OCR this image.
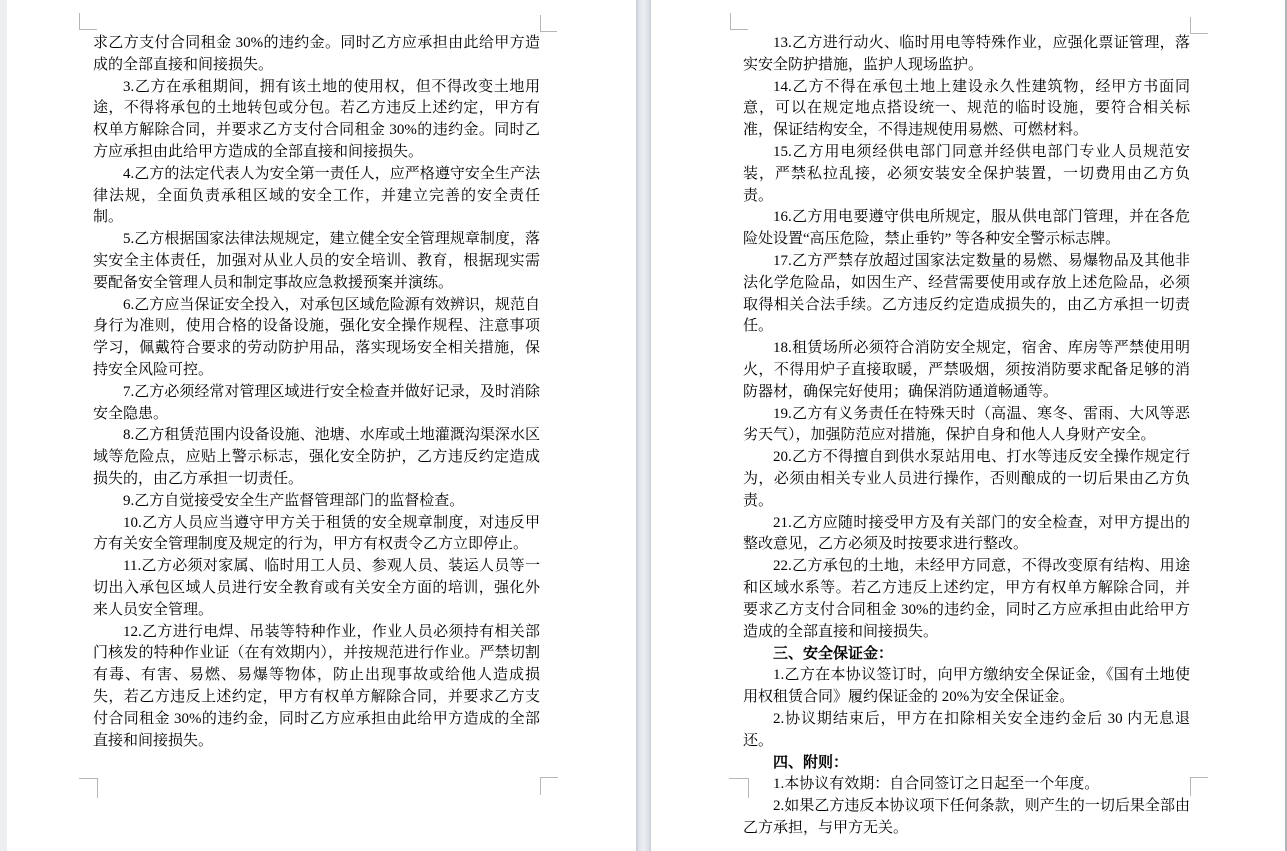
求乙方支付合同租金 30%的违约金。同时乙方应承担由此给甲方造成的全部直接和间接损失。

3.乙方在承租期间，拥有该土地的使用权，但不得改变土地用途，不得将承包的土地转包或分包。若乙方违反上述约定，甲方有权单方解除合同，并要求乙方支付合同租金 30%的违约金。同时乙方应承担由此给甲方造成的全部直接和间接损失。

4.乙方的法定代表人为安全第一责任人，应严格遵守安全生产法律法规，全面负责承租区域的安全工作，并建立完善的安全责任制。

5.乙方根据国家法律法规规定，建立健全安全管理规章制度，落实安全主体责任，加强对从业人员的安全培训、教育，根据现实需要配备安全管理人员和制定事故应急救援预案并演练。

6.乙方应当保证安全投入，对承包区域危险源有效辨识，规范自身行为准则，使用合格的设备设施，强化安全操作规程、注意事项学习，佩戴符合要求的劳动防护用品，落实现场安全相关措施，保持安全风险可控。

7.乙方必须经常对管理区域进行安全检查并做好记录，及时消除安全隐患。

8.乙方租赁范围内设备设施、池塘、水库或土地灌溉沟渠深水区域等危险点，应贴上警示标志，强化安全防护，乙方违反约定造成损失的，由乙方承担一切责任。

9.乙方自觉接受安全生产监督管理部门的监督检查。

10.乙方人员应当遵守甲方关于租赁的安全规章制度，对违反甲方有关安全管理制度及规定的行为，甲方有权责令乙方立即停止。

11.乙方必须对家属、临时用工人员、参观人员、装运人员等一切出入承包区域人员进行安全教育或有关安全方面的培训，强化外来人员安全管理。

12.乙方进行电焊、吊装等特种作业，作业人员必须持有相关部门核发的特种作业证（在有效期内），并按规范进行作业。严禁切割有毒、有害、易燃、易爆等物体，防止出现事故或给他人造成损失，若乙方违反上述约定，甲方有权单方解除合同，并要求乙方支付合同租金 30%的违约金，同时乙方应承担由此给甲方造成的全部直接和间接损失。

13.乙方进行动火、临时用电等特殊作业，应强化票证管理，落实安全防护措施，监护人现场监护。

14.乙方不得在承包土地上建设永久性建筑物，经甲方书面同意，可以在规定地点搭设统一、规范的临时设施，要符合相关标准，保证结构安全，不得违规使用易燃、可燃材料。

15.乙方用电须经供电部门同意并经供电部门专业人员规范安装，严禁私拉乱接，必须安装安全保护装置，一切费用由乙方负责。

16.乙方用电要遵守供电所规定，服从供电部门管理，并在各危险处设置“高压危险，禁止垂钓” 等各种安全警示标志牌。

17.乙方严禁存放超过国家法定数量的易燃、易爆物品及其他非法化学危险品，如因生产、经营需要使用或存放上述危险品，必须取得相关合法手续。乙方违反约定造成损失的，由乙方承担一切责任。

18.租赁场所必须符合消防安全规定，宿舍、库房等严禁使用明火，不得用炉子直接取暖，严禁吸烟，须按消防要求配备足够的消防器材，确保完好使用；确保消防通道畅通等。

19.乙方有义务责任在特殊天时（高温、寒冬、雷雨、大风等恶劣天气），加强防范应对措施，保护自身和他人人身财产安全。

20.乙方不得擅自到供水泵站用电、打水等违反安全操作规定行为，必须由相关专业人员进行操作，否则酿成的一切后果由乙方负责。

21.乙方应随时接受甲方及有关部门的安全检查，对甲方提出的整改意见，乙方必须及时按要求进行整改。

22.乙方承包的土地，未经甲方同意，不得改变原有结构、用途和区域水系等。若乙方违反上述约定，甲方有权单方解除合同，并要求乙方支付合同租金 30%的违约金，同时乙方应承担由此给甲方造成的全部直接和间接损失。

三、安全保证金：

1.乙方在本协议签订时，向甲方缴纳安全保证金，《国有土地使用权租赁合同》履约保证金的 20%为安全保证金。

2.协议期结束后，甲方在扣除相关安全违约金后 30 内无息退还。

四、附则：

1.本协议有效期：自合同签订之日起至一个年度。

2.如果乙方违反本协议项下任何条款，则产生的一切后果全部由乙方承担，与甲方无关。
